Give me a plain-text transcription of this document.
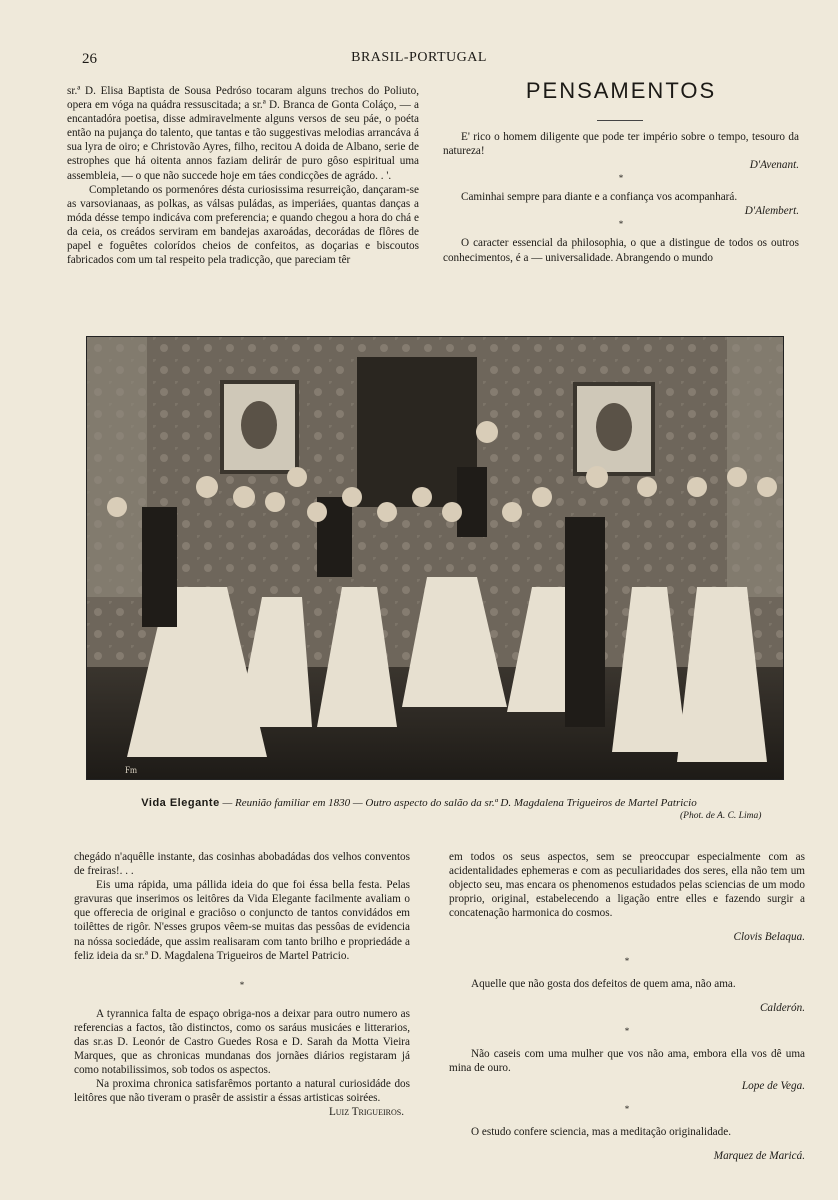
26	BRASIL-PORTUGAL

sr.ª D. Elisa Baptista de Sousa Pedróso tocaram alguns trechos do Poliuto, opera em vóga na quádra ressuscitada; a sr.ª D. Branca de Gonta Coláço, — a encantadóra poetisa, disse admiravelmente alguns versos de seu páe, o poéta então na pujança do talento, que tantas e tão suggestivas melodias arrancáva á sua lyra de oiro; e Christovão Ayres, filho, recitou A doida de Albano, serie de estrophes que há oitenta annos faziam delirár de puro gôso espiritual uma assembleia, — o que não succede hoje em táes condicções de agrádo. . '.

Completando os pormenóres désta curiosissima resurreição, dançaram-se as varsovianaas, as polkas, as válsas puládas, as imperiáes, quantas danças a móda désse tempo indicáva com preferencia; e quando chegou a hora do chá e da ceia, os creádos serviram em bandejas axaroádas, decorádas de flôres de papel e foguêtes colorídos cheios de confeitos, as doçarias e biscoutos fabricados com um tal respeito pela tradicção, que pareciam têr

PENSAMENTOS

E' rico o homem diligente que pode ter império sobre o tempo, tesouro da natureza!

D'Avenant.

*

Caminhai sempre para diante e a confiança vos acompanhará.

D'Alembert.

*

O caracter essencial da philosophia, o que a distingue de todos os outros conhecimentos, é a — universalidade. Abrangendo o mundo

Fm
Vida Elegante — Reunião familiar em 1830 — Outro aspecto do salão da sr.ª D. Magdalena Trigueiros de Martel Patricio
(Phot. de A. C. Lima)

chegádo n'aquêlle instante, das cosinhas abobadádas dos velhos conventos de freiras!. . .

Eis uma rápida, uma pállida ideia do que foi éssa bella festa. Pelas gravuras que inserimos os leitôres da Vida Elegante facilmente avaliam o que offerecia de original e graciôso o conjuncto de tantos convidádos em toilêttes de rigôr. N'esses grupos vêem-se muitas das pessôas de evidencia na nóssa sociedáde, que assim realisaram com tanto brilho e propriedáde a feliz ideia da sr.ª D. Magdalena Trigueiros de Martel Patricio.

*

A tyrannica falta de espaço obriga-nos a deixar para outro numero as referencias a factos, tão distinctos, como os saráus musicáes e litterarios, das sr.as D. Leonór de Castro Guedes Rosa e D. Sarah da Motta Vieira Marques, que as chronicas mundanas dos jornães diários registaram já como notabilissimos, sob todos os aspectos.

Na proxima chronica satisfarêmos portanto a natural curiosidáde dos leitôres que não tiveram o prasêr de assistir a éssas artisticas soirées.

Luiz Trigueiros.

em todos os seus aspectos, sem se preoccupar especialmente com as acidentalidades ephemeras e com as peculiaridades dos seres, ella não tem um objecto seu, mas encara os phenomenos estudados pelas sciencias de um modo proprio, original, estabelecendo a ligação entre elles e fazendo surgir a concatenação harmonica do cosmos.

Clovis Belaqua.

*

Aquelle que não gosta dos defeitos de quem ama, não ama.

Calderón.

*

Não caseis com uma mulher que vos não ama, embora ella vos dê uma mina de ouro.

Lope de Vega.

*

O estudo confere sciencia, mas a meditação originalidade.

Marquez de Maricá.
